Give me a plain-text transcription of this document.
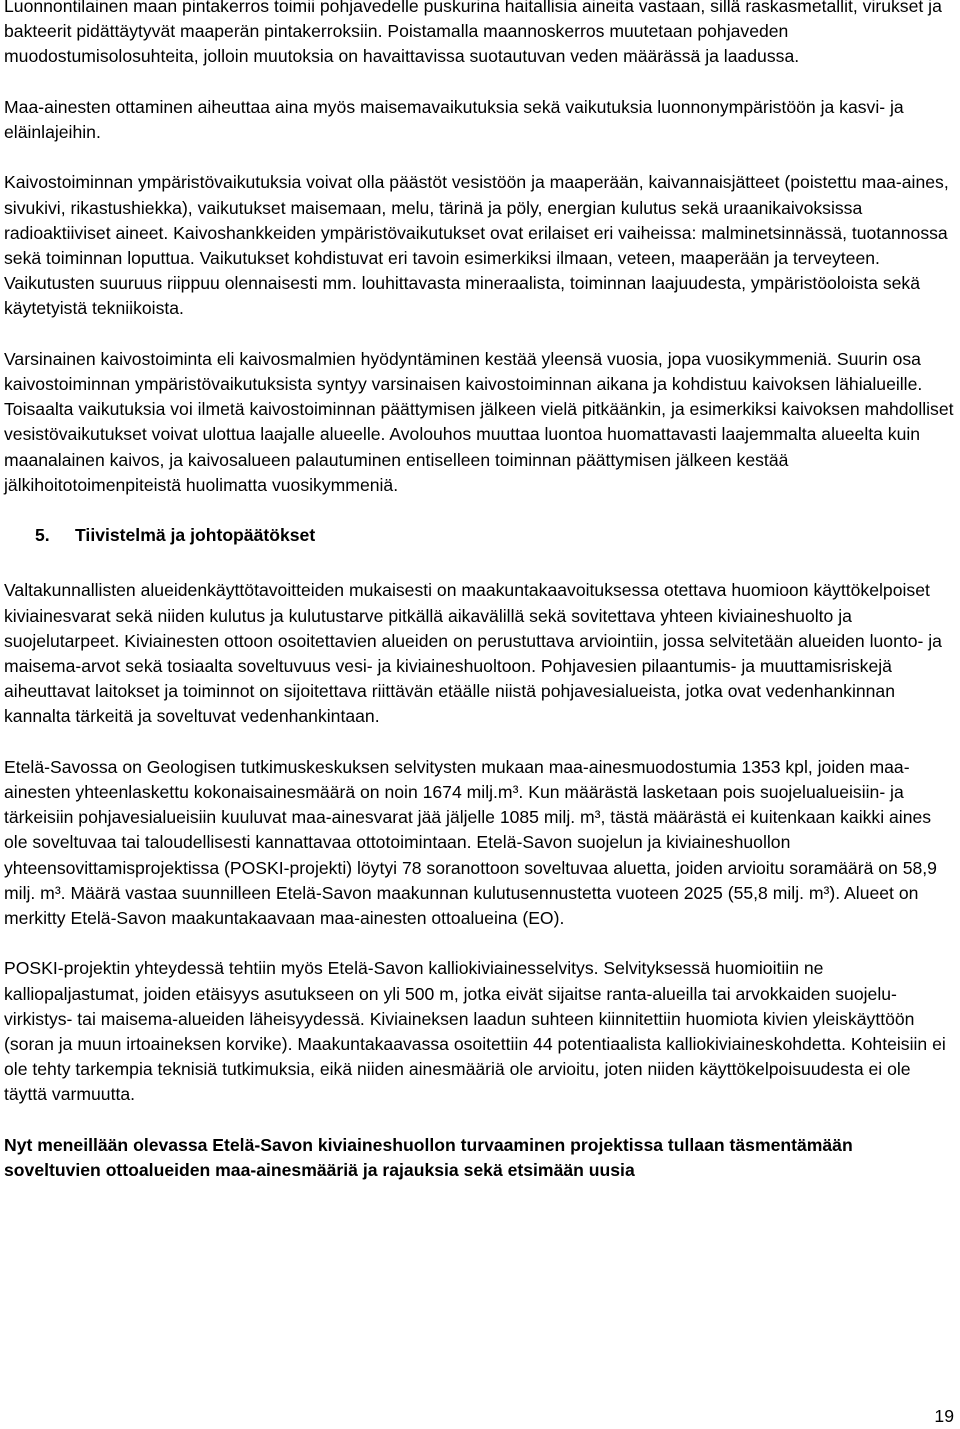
Luonnontilainen maan pintakerros toimii pohjavedelle puskurina haitallisia aineita vastaan, sillä raskasmetallit, virukset ja bakteerit pidättäytyvät maaperän pintakerroksiin. Poistamalla maannoskerros muutetaan pohjaveden muodostumisolosuhteita, jolloin muutoksia on havaittavissa suotautuvan veden määrässä ja laadussa.

Maa-ainesten ottaminen aiheuttaa aina myös maisemavaikutuksia sekä vaikutuksia luonnonympäristöön ja kasvi- ja eläinlajeihin.

Kaivostoiminnan ympäristövaikutuksia voivat olla päästöt vesistöön ja maaperään, kaivannaisjätteet (poistettu maa-aines, sivukivi, rikastushiekka), vaikutukset maisemaan, melu, tärinä ja pöly, energian kulutus sekä uraanikaivoksissa radioaktiiviset aineet. Kaivoshankkeiden ympäristövaikutukset ovat erilaiset eri vaiheissa: malminetsinnässä, tuotannossa sekä toiminnan loputtua. Vaikutukset kohdistuvat eri tavoin esimerkiksi ilmaan, veteen, maaperään ja terveyteen. Vaikutusten suuruus riippuu olennaisesti mm. louhittavasta mineraalista, toiminnan laajuudesta, ympäristöoloista sekä käytetyistä tekniikoista.

Varsinainen kaivostoiminta eli kaivosmalmien hyödyntäminen kestää yleensä vuosia, jopa vuosikymmeniä. Suurin osa kaivostoiminnan ympäristövaikutuksista syntyy varsinaisen kaivostoiminnan aikana ja kohdistuu kaivoksen lähialueille. Toisaalta vaikutuksia voi ilmetä kaivostoiminnan päättymisen jälkeen vielä pitkäänkin, ja esimerkiksi kaivoksen mahdolliset vesistövaikutukset voivat ulottua laajalle alueelle. Avolouhos muuttaa luontoa huomattavasti laajemmalta alueelta kuin maanalainen kaivos, ja kaivosalueen palautuminen entiselleen toiminnan päättymisen jälkeen kestää jälkihoitotoimenpiteistä huolimatta vuosikymmeniä.

5. Tiivistelmä ja johtopäätökset

Valtakunnallisten alueidenkäyttötavoitteiden mukaisesti on maakuntakaavoituksessa otettava huomioon käyttökelpoiset kiviainesvarat sekä niiden kulutus ja kulutustarve pitkällä aikavälillä sekä sovitettava yhteen kiviaineshuolto ja suojelutarpeet. Kiviainesten ottoon osoitettavien alueiden on perustuttava arviointiin, jossa selvitetään alueiden luonto- ja maisema-arvot sekä tosiaalta soveltuvuus vesi- ja kiviaineshuoltoon. Pohjavesien pilaantumis- ja muuttamisriskejä aiheuttavat laitokset ja toiminnot on sijoitettava riittävän etäälle niistä pohjavesialueista, jotka ovat vedenhankinnan kannalta tärkeitä ja soveltuvat vedenhankintaan.

Etelä-Savossa on Geologisen tutkimuskeskuksen selvitysten mukaan maa-ainesmuodostumia 1353 kpl, joiden maa-ainesten yhteenlaskettu kokonaisainesmäärä on noin 1674 milj.m³. Kun määrästä lasketaan pois suojelualueisiin- ja tärkeisiin pohjavesialueisiin kuuluvat maa-ainesvarat jää jäljelle 1085 milj. m³, tästä määrästä ei kuitenkaan kaikki aines ole soveltuvaa tai taloudellisesti kannattavaa ottotoimintaan. Etelä-Savon suojelun ja kiviaineshuollon yhteensovittamisprojektissa (POSKI-projekti) löytyi 78 soranottoon soveltuvaa aluetta, joiden arvioitu soramäärä on 58,9 milj. m³. Määrä vastaa suunnilleen Etelä-Savon maakunnan kulutusennustetta vuoteen 2025 (55,8 milj. m³). Alueet on merkitty Etelä-Savon maakuntakaavaan maa-ainesten ottoalueina (EO).

POSKI-projektin yhteydessä tehtiin myös Etelä-Savon kalliokiviainesselvitys. Selvityksessä huomioitiin ne kalliopaljastumat, joiden etäisyys asutukseen on yli 500 m, jotka eivät sijaitse ranta-alueilla tai arvokkaiden suojelu- virkistys- tai maisema-alueiden läheisyydessä. Kiviaineksen laadun suhteen kiinnitettiin huomiota kivien yleiskäyttöön (soran ja muun irtoaineksen korvike). Maakuntakaavassa osoitettiin 44 potentiaalista kalliokiviaineskohdetta. Kohteisiin ei ole tehty tarkempia teknisiä tutkimuksia, eikä niiden ainesmääriä ole arvioitu, joten niiden käyttökelpoisuudesta ei ole täyttä varmuutta.

Nyt meneillään olevassa Etelä-Savon kiviaineshuollon turvaaminen projektissa tullaan täsmentämään soveltuvien ottoalueiden maa-ainesmääriä ja rajauksia sekä etsimään uusia

19
